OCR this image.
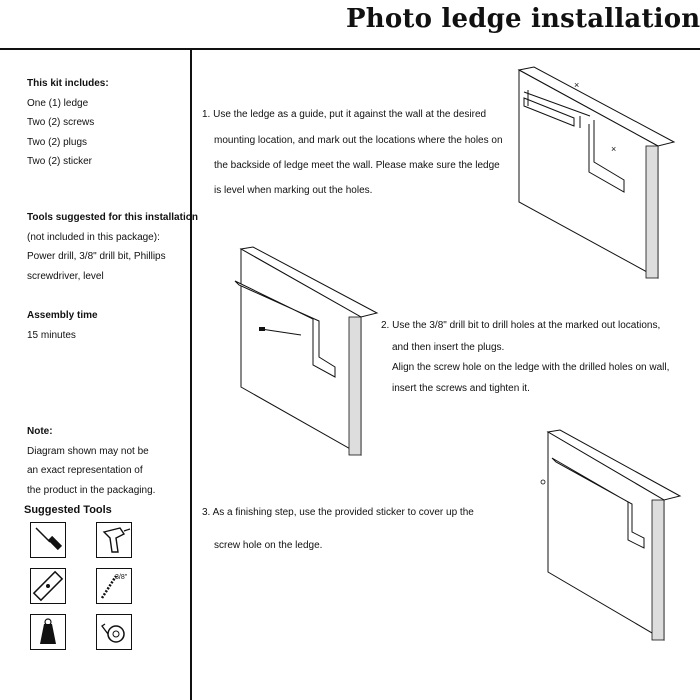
Photo ledge installation
This kit includes:
One (1) ledge
Two (2) screws
Two (2) plugs
Two (2) sticker
Tools suggested for this installation
(not included in this package):
Power drill, 3/8" drill bit, Phillips
screwdriver, level
Assembly time
15 minutes
Note:
Diagram shown may not be
an exact representation of
the product in the packaging.
Suggested Tools
3/8"
1. Use the ledge as a guide, put it against the wall at the desired
mounting location, and mark out the locations where the holes on
the backside of ledge meet the wall. Please make sure the ledge
is level when marking out the holes.
2. Use the 3/8" drill bit to drill holes at the marked out locations,
and then insert the plugs.
Align the screw hole on the ledge with the drilled holes on wall,
insert the screws and tighten it.
3. As a finishing step, use the provided sticker to cover up the
screw hole on the ledge.
×
×
